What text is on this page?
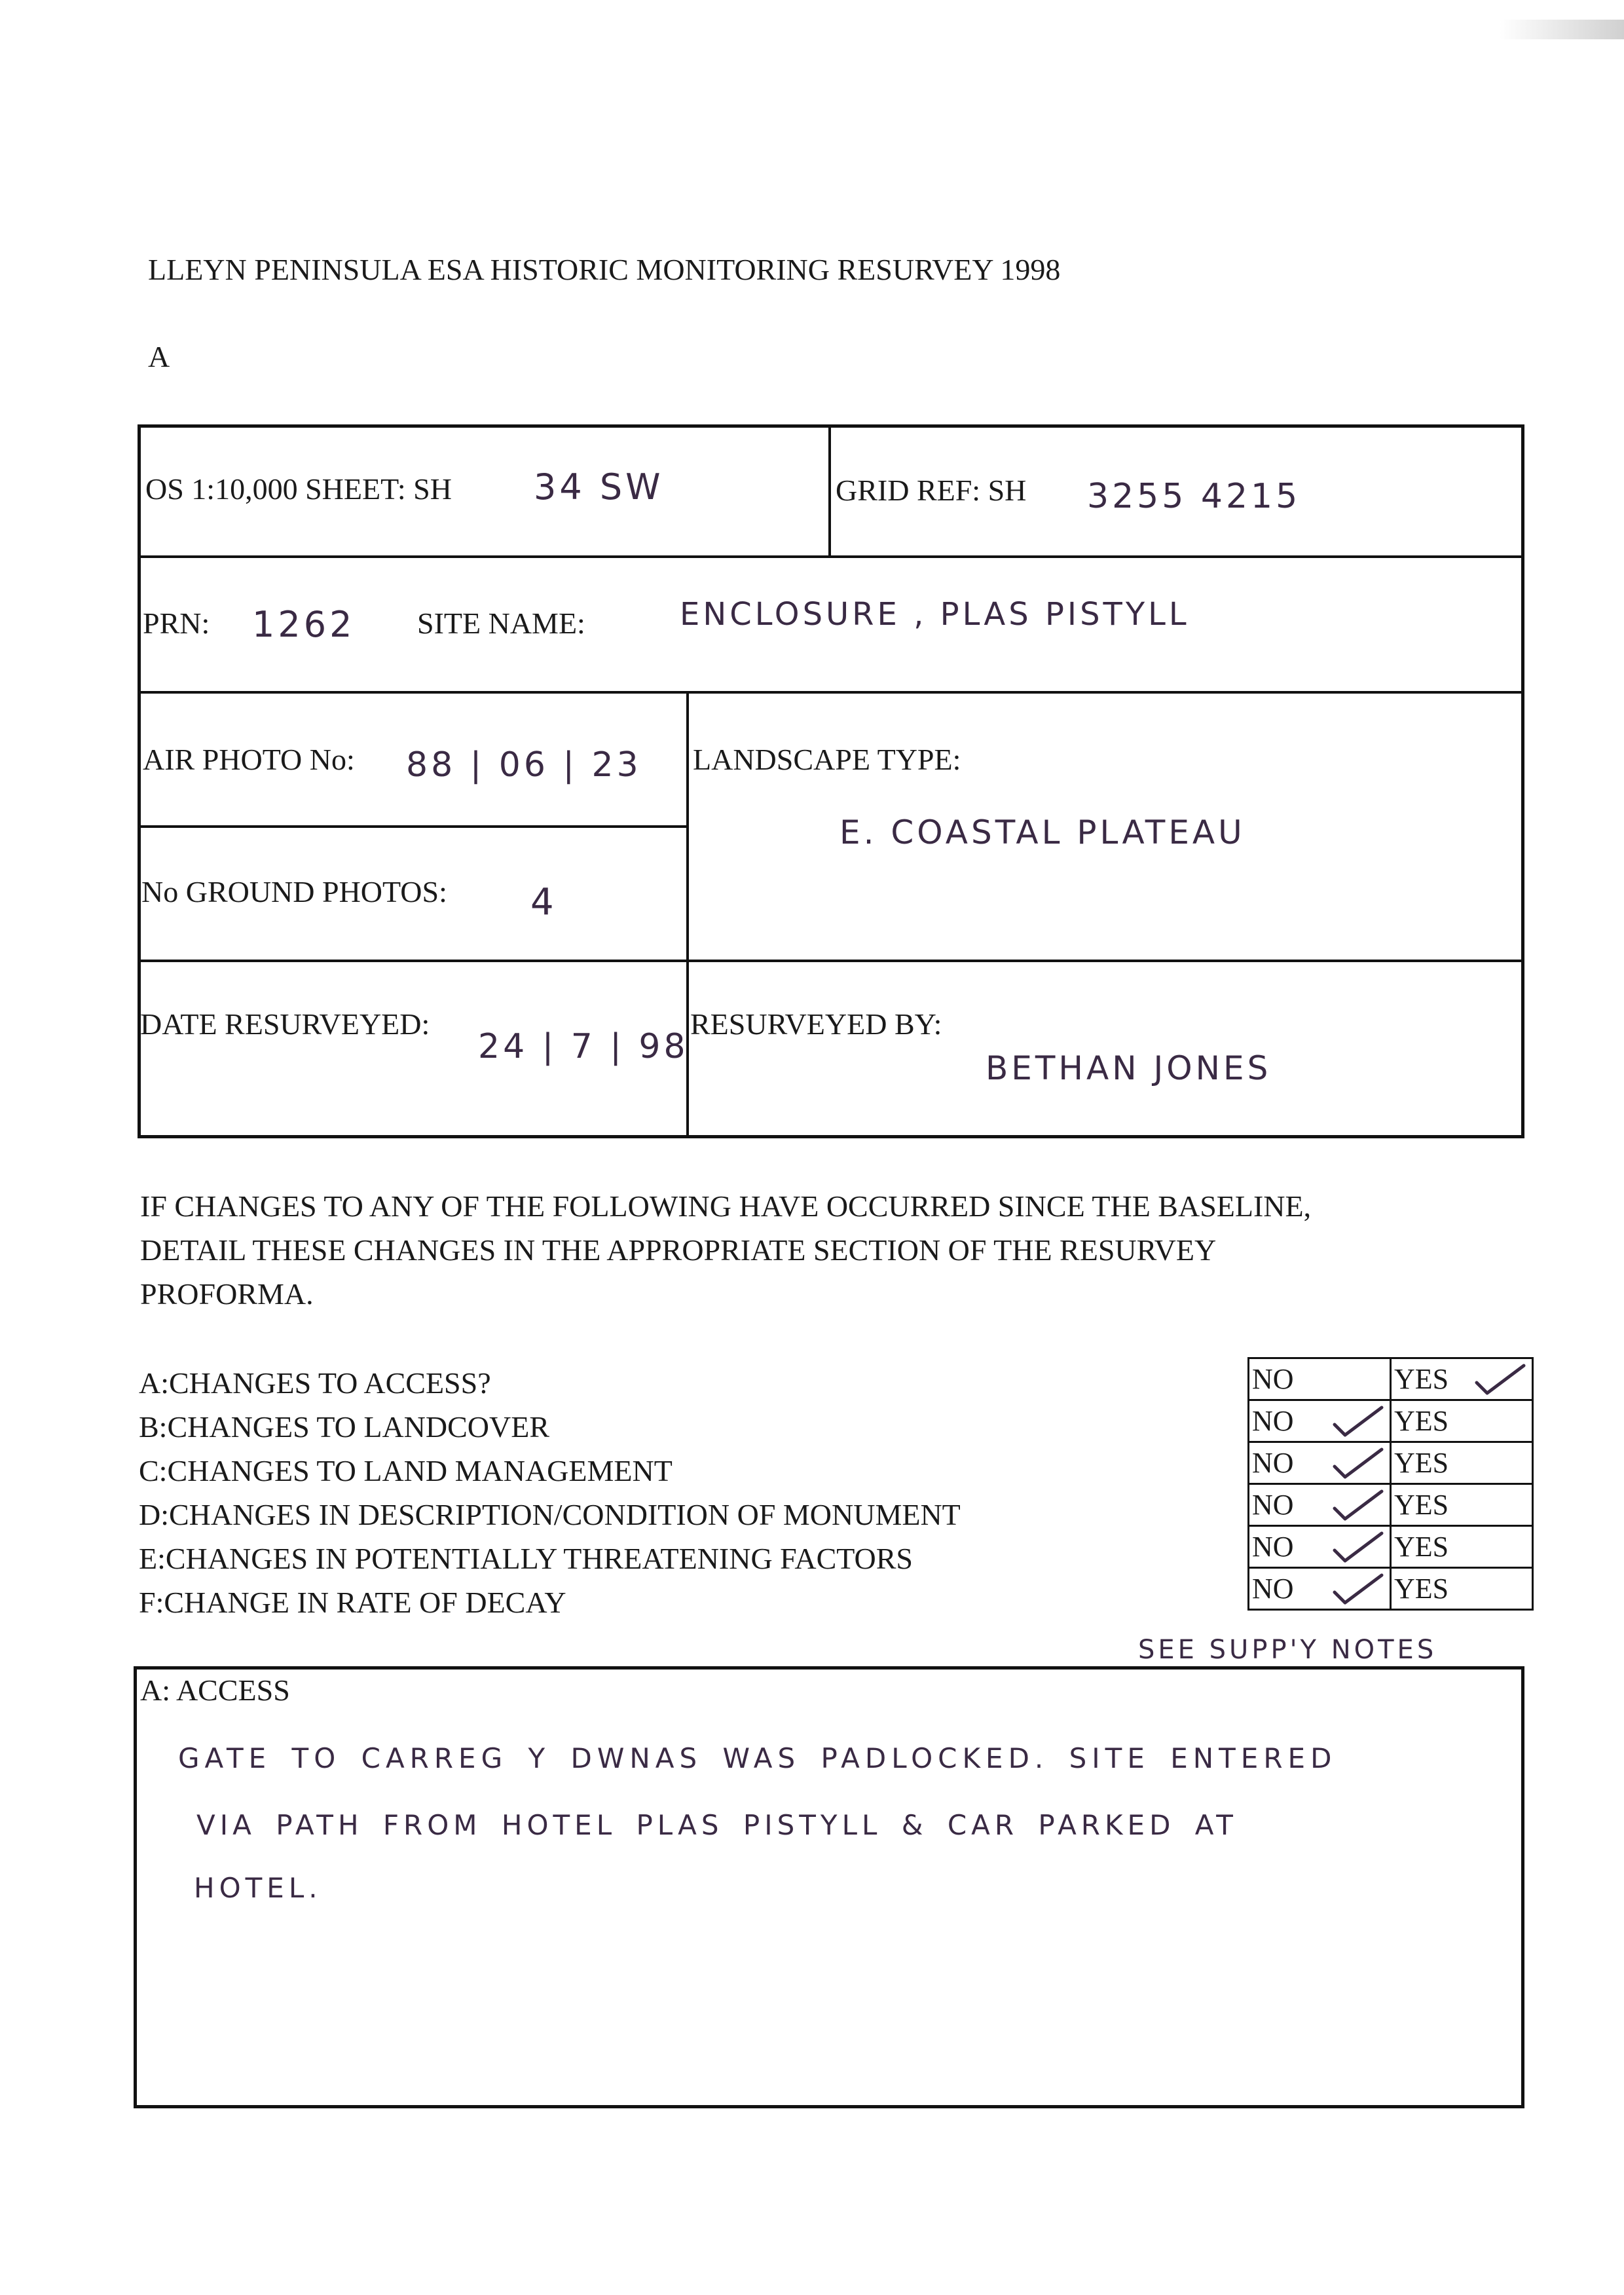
LLEYN PENINSULA ESA HISTORIC MONITORING RESURVEY 1998
A
OS 1:10,000 SHEET: SH 34 SW	GRID REF: SH 3255 4215
PRN: 1262 SITE NAME:	ENCLOSURE , PLAS PISTYLL
AIR PHOTO No: 88 | 06 | 23 LANDSCAPE TYPE:
E. COASTAL PLATEAU
No GROUND PHOTOS: 4
DATE RESURVEYED:
24 | 7 | 98
RESURVEYED BY:
BETHAN JONES
IF CHANGES TO ANY OF THE FOLLOWING HAVE OCCURRED SINCE THE BASELINE,
DETAIL THESE CHANGES IN THE APPROPRIATE SECTION OF THE RESURVEY
PROFORMA.
A:CHANGES TO ACCESS?
B:CHANGES TO LANDCOVER
C:CHANGES TO LAND MANAGEMENT
D:CHANGES IN DESCRIPTION/CONDITION OF MONUMENT
E:CHANGES IN POTENTIALLY THREATENING FACTORS
F:CHANGE IN RATE OF DECAY
NO	YES

NO	YES
NO	YES
NO	YES
NO	YES
NO	YES
SEE SUPP'Y NOTES
A: ACCESS
GATE TO CARREG Y DWNAS WAS PADLOCKED. SITE ENTERED
VIA PATH FROM HOTEL PLAS PISTYLL & CAR PARKED AT
HOTEL.
